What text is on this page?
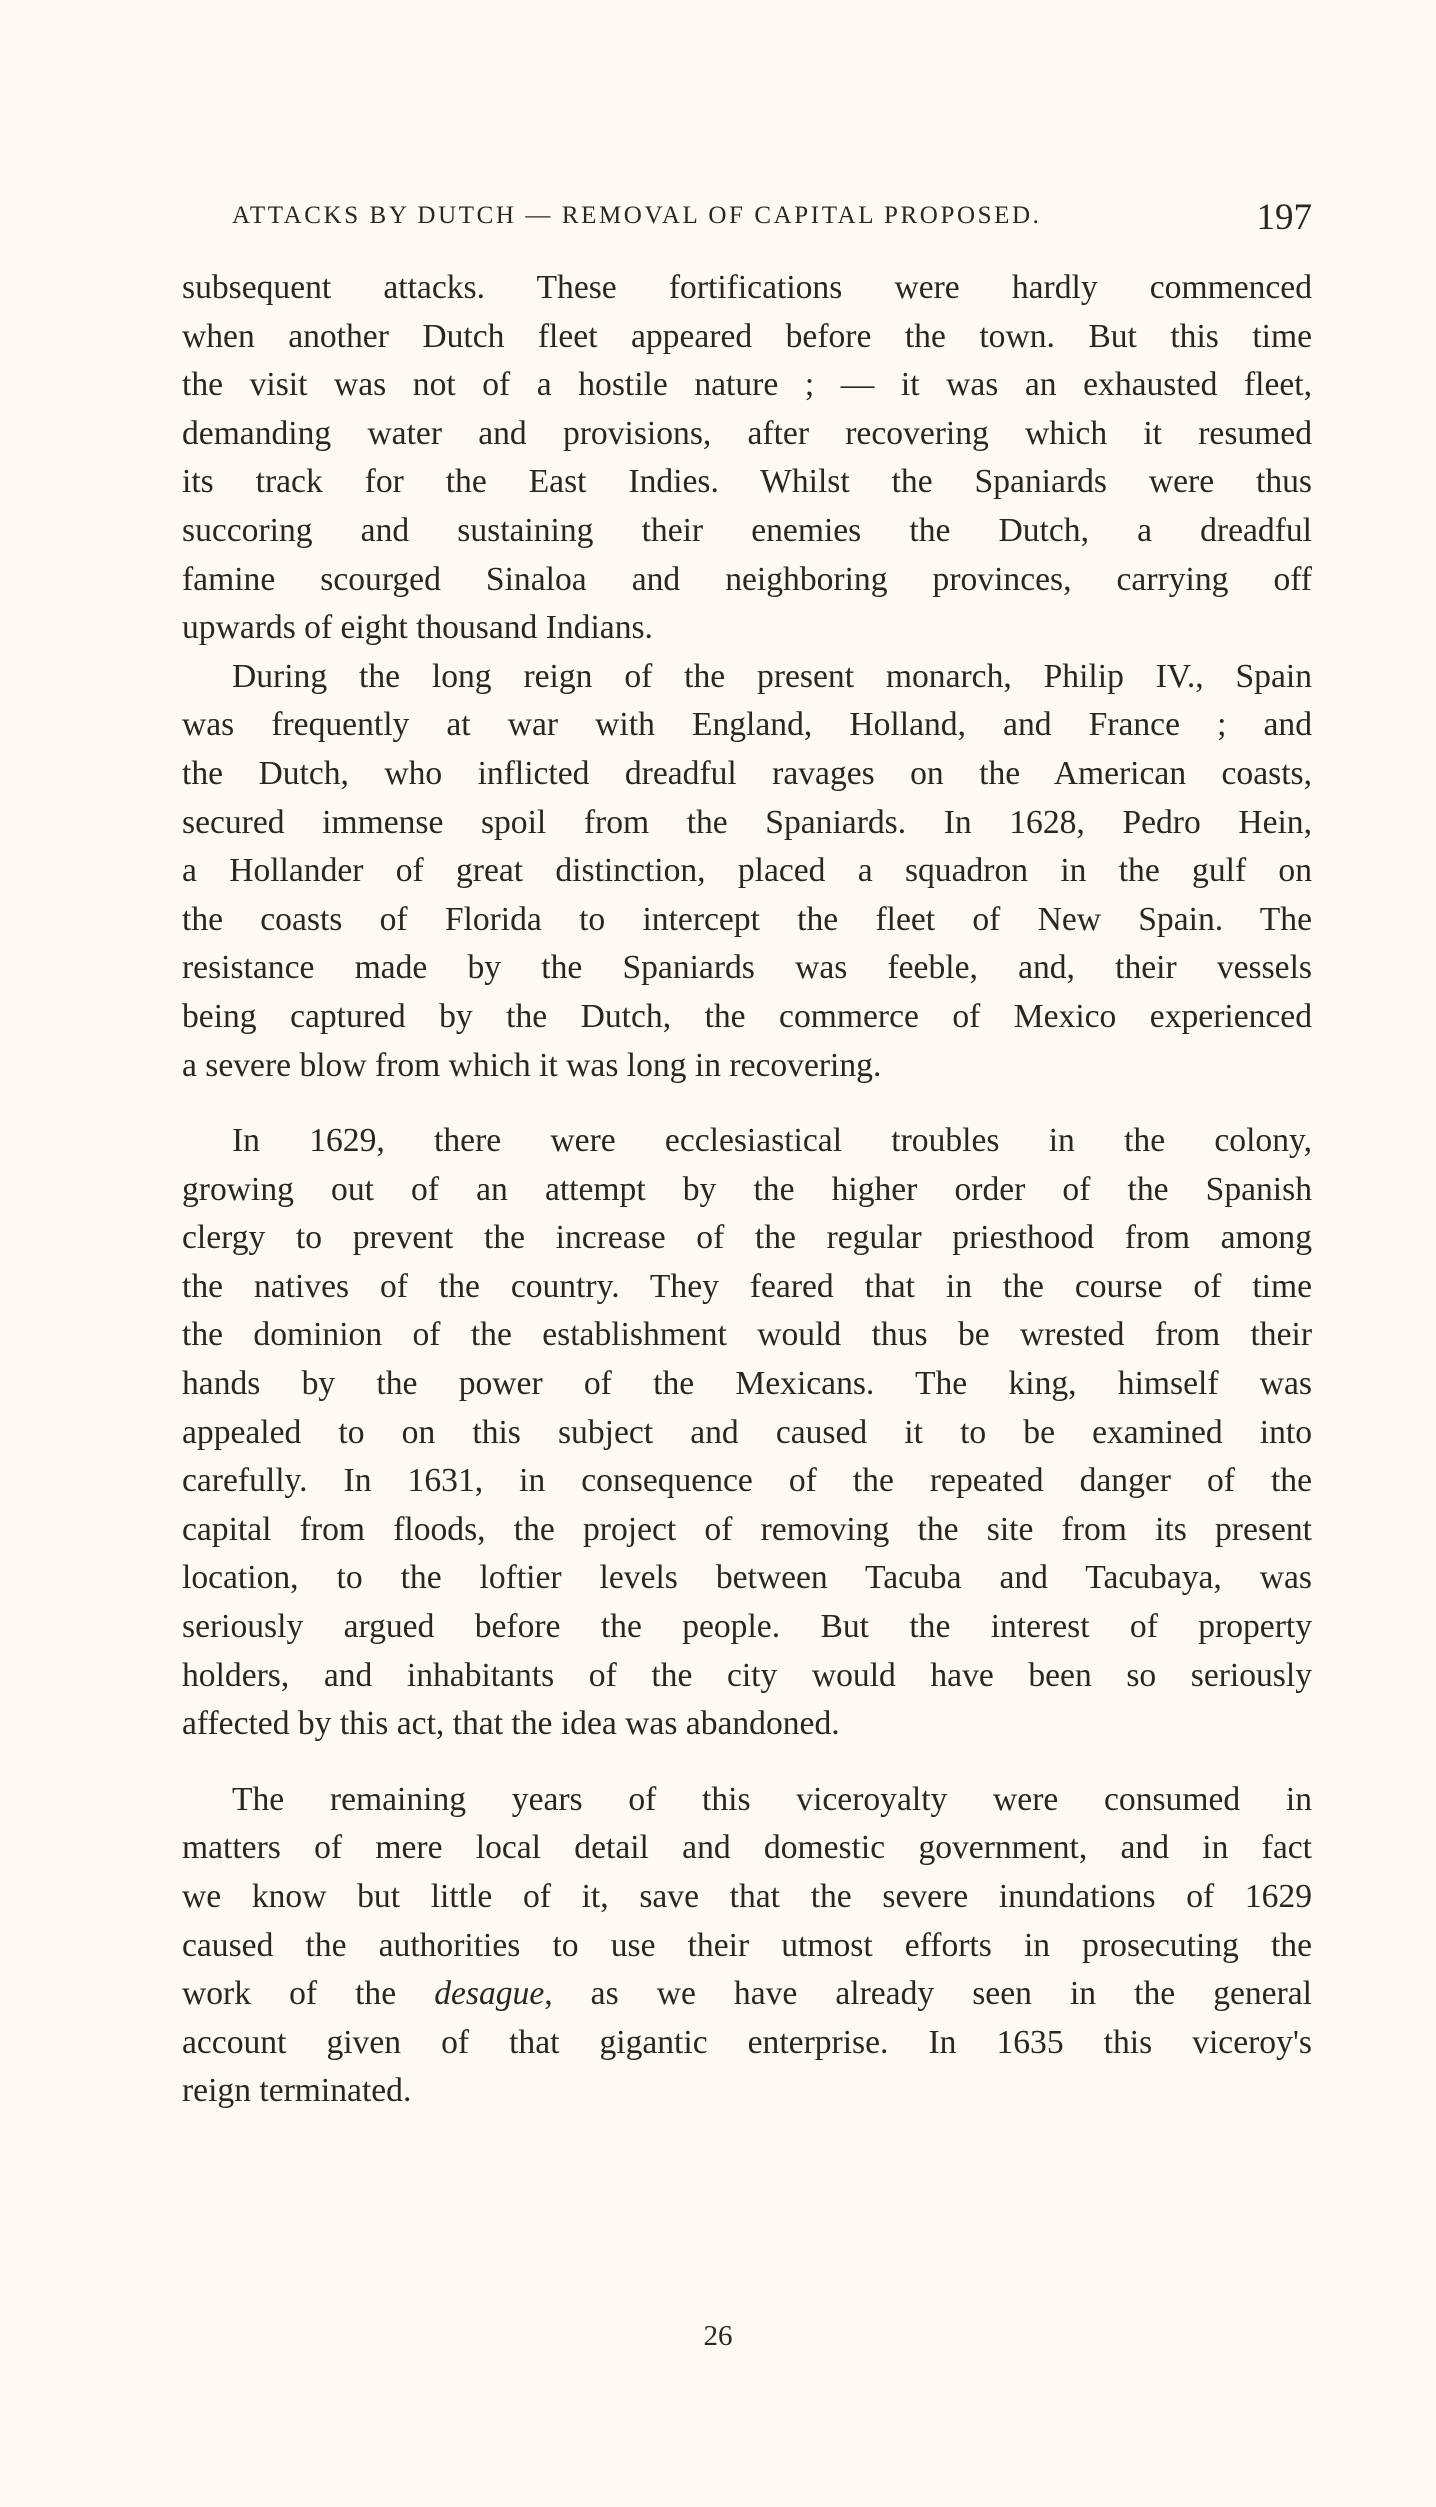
ATTACKS BY DUTCH — REMOVAL OF CAPITAL PROPOSED.	197

subsequent attacks. These fortifications were hardly commenced
when another Dutch fleet appeared before the town. But this time
the visit was not of a hostile nature ; — it was an exhausted fleet,
demanding water and provisions, after recovering which it resumed
its track for the East Indies. Whilst the Spaniards were thus
succoring and sustaining their enemies the Dutch, a dreadful
famine scourged Sinaloa and neighboring provinces, carrying off
upwards of eight thousand Indians.

During the long reign of the present monarch, Philip IV., Spain
was frequently at war with England, Holland, and France ; and
the Dutch, who inflicted dreadful ravages on the American coasts,
secured immense spoil from the Spaniards. In 1628, Pedro Hein,
a Hollander of great distinction, placed a squadron in the gulf on
the coasts of Florida to intercept the fleet of New Spain. The
resistance made by the Spaniards was feeble, and, their vessels
being captured by the Dutch, the commerce of Mexico experienced
a severe blow from which it was long in recovering.

In 1629, there were ecclesiastical troubles in the colony,
growing out of an attempt by the higher order of the Spanish
clergy to prevent the increase of the regular priesthood from among
the natives of the country. They feared that in the course of time
the dominion of the establishment would thus be wrested from their
hands by the power of the Mexicans. The king, himself was
appealed to on this subject and caused it to be examined into
carefully. In 1631, in consequence of the repeated danger of the
capital from floods, the project of removing the site from its present
location, to the loftier levels between Tacuba and Tacubaya, was
seriously argued before the people. But the interest of property
holders, and inhabitants of the city would have been so seriously
affected by this act, that the idea was abandoned.

The remaining years of this viceroyalty were consumed in
matters of mere local detail and domestic government, and in fact
we know but little of it, save that the severe inundations of 1629
caused the authorities to use their utmost efforts in prosecuting the
work of the desague, as we have already seen in the general
account given of that gigantic enterprise. In 1635 this viceroy's
reign terminated.

26
